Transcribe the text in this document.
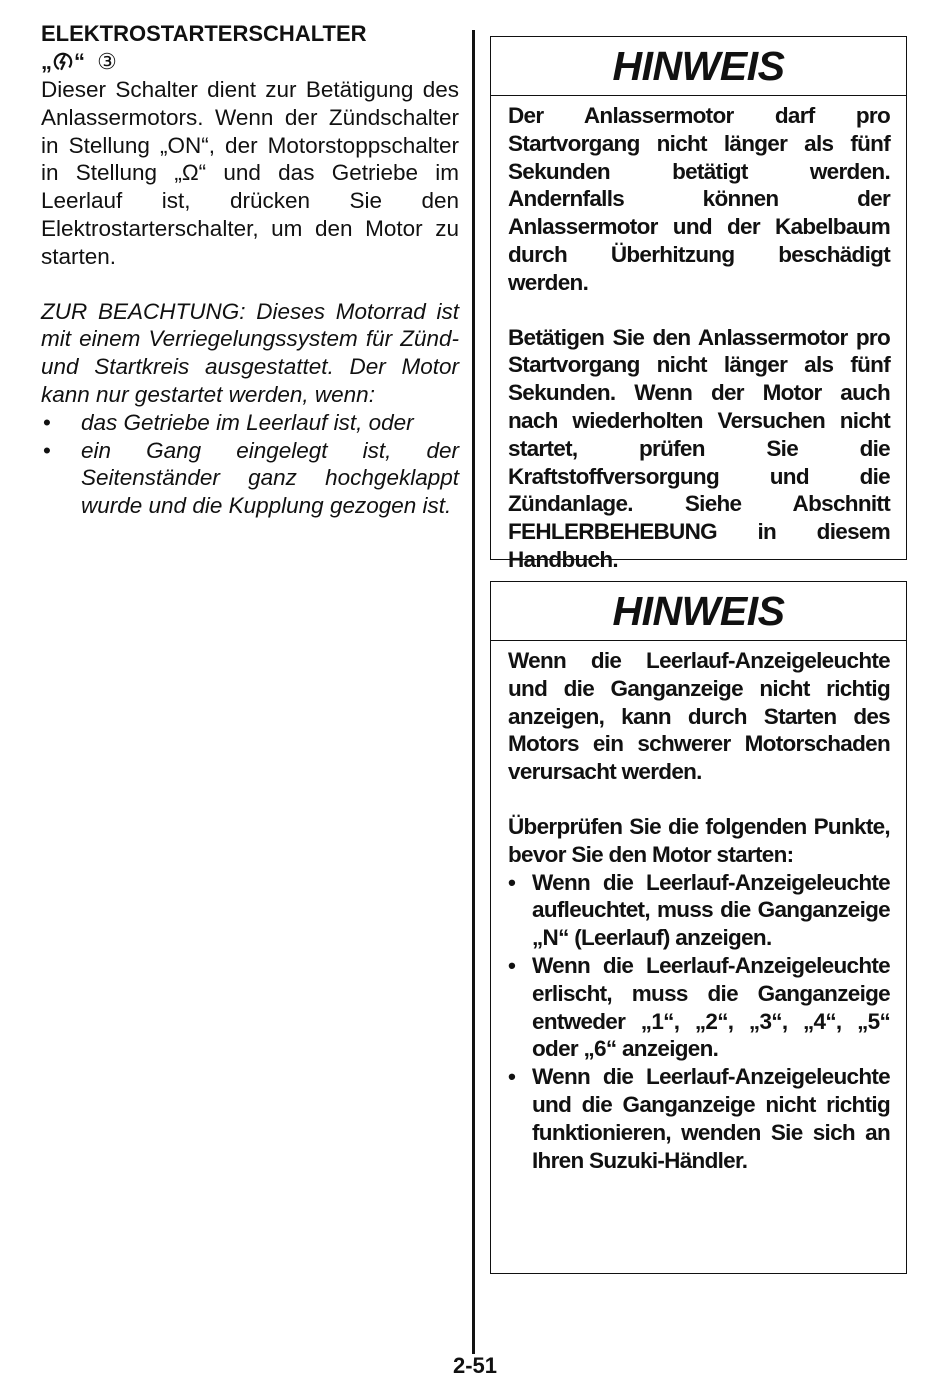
ELEKTROSTARTERSCHALTER

„ “ ③

Dieser Schalter dient zur Betätigung des Anlassermotors. Wenn der Zündschalter in Stellung „ON“, der Motorstoppschalter in Stellung „Ω“ und das Getriebe im Leerlauf ist, drücken Sie den Elektrostarterschalter, um den Motor zu starten.

ZUR BEACHTUNG: Dieses Motorrad ist mit einem Verriegelungssystem für Zünd- und Startkreis ausgestattet. Der Motor kann nur gestartet werden, wenn:

• das Getriebe im Leerlauf ist, oder
• ein Gang eingelegt ist, der Seitenständer ganz hochgeklappt wurde und die Kupplung gezogen ist.
HINWEIS

Der Anlassermotor darf pro Startvorgang nicht länger als fünf Sekunden betätigt werden. Andernfalls können der Anlassermotor und der Kabelbaum durch Überhitzung beschädigt werden.

Betätigen Sie den Anlassermotor pro Startvorgang nicht länger als fünf Sekunden. Wenn der Motor auch nach wiederholten Versuchen nicht startet, prüfen Sie die Kraftstoffversorgung und die Zündanlage. Siehe Abschnitt FEHLERBEHEBUNG in diesem Handbuch.

HINWEIS

Wenn die Leerlauf-Anzeigeleuchte und die Ganganzeige nicht richtig anzeigen, kann durch Starten des Motors ein schwerer Motorschaden verursacht werden.

Überprüfen Sie die folgenden Punkte, bevor Sie den Motor starten:

• Wenn die Leerlauf-Anzeigeleuchte aufleuchtet, muss die Ganganzeige „N“ (Leerlauf) anzeigen.
• Wenn die Leerlauf-Anzeigeleuchte erlischt, muss die Ganganzeige entweder „1“, „2“, „3“, „4“, „5“ oder „6“ anzeigen.
• Wenn die Leerlauf-Anzeigeleuchte und die Ganganzeige nicht richtig funktionieren, wenden Sie sich an Ihren Suzuki-Händler.
2-51
